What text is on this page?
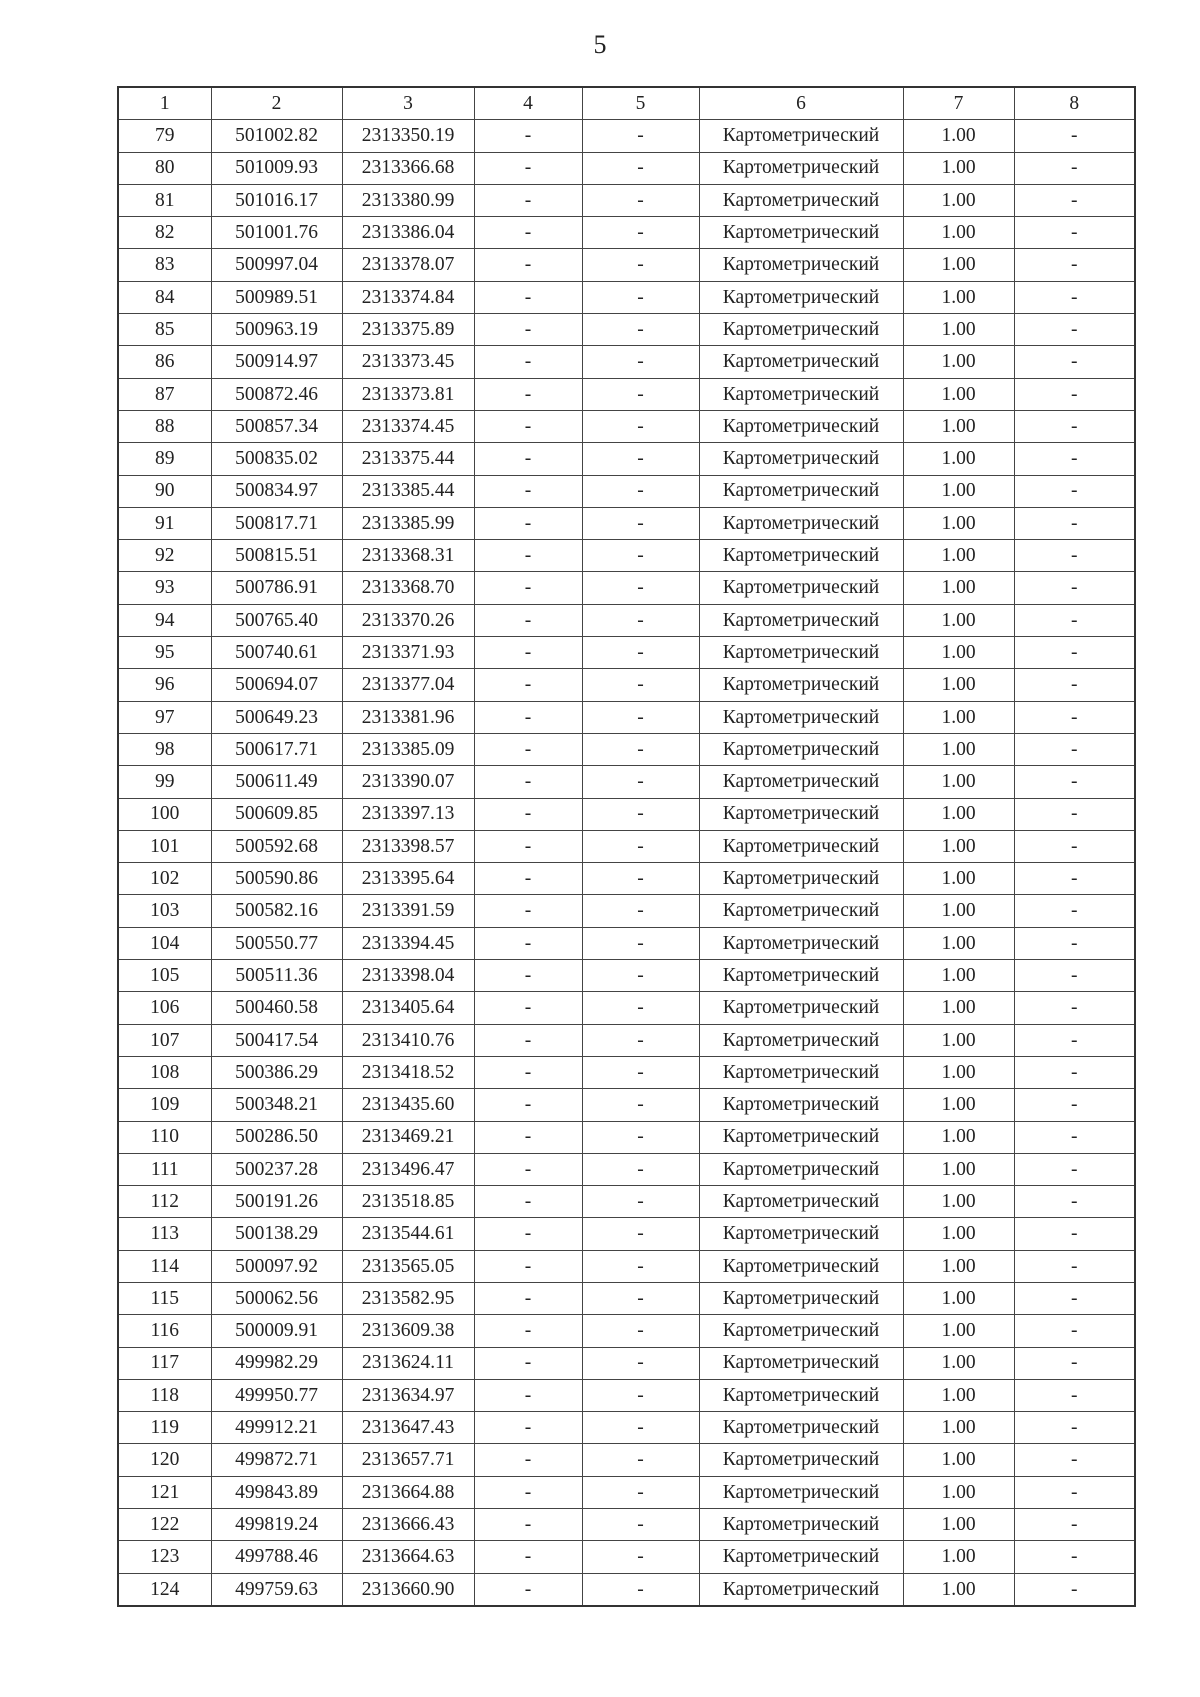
5
1	2	3	4	5	6	7	8
79	501002.82	2313350.19	-	-	Картометрический	1.00	-
80	501009.93	2313366.68	-	-	Картометрический	1.00	-
81	501016.17	2313380.99	-	-	Картометрический	1.00	-
82	501001.76	2313386.04	-	-	Картометрический	1.00	-
83	500997.04	2313378.07	-	-	Картометрический	1.00	-
84	500989.51	2313374.84	-	-	Картометрический	1.00	-
85	500963.19	2313375.89	-	-	Картометрический	1.00	-
86	500914.97	2313373.45	-	-	Картометрический	1.00	-
87	500872.46	2313373.81	-	-	Картометрический	1.00	-
88	500857.34	2313374.45	-	-	Картометрический	1.00	-
89	500835.02	2313375.44	-	-	Картометрический	1.00	-
90	500834.97	2313385.44	-	-	Картометрический	1.00	-
91	500817.71	2313385.99	-	-	Картометрический	1.00	-
92	500815.51	2313368.31	-	-	Картометрический	1.00	-
93	500786.91	2313368.70	-	-	Картометрический	1.00	-
94	500765.40	2313370.26	-	-	Картометрический	1.00	-
95	500740.61	2313371.93	-	-	Картометрический	1.00	-
96	500694.07	2313377.04	-	-	Картометрический	1.00	-
97	500649.23	2313381.96	-	-	Картометрический	1.00	-
98	500617.71	2313385.09	-	-	Картометрический	1.00	-
99	500611.49	2313390.07	-	-	Картометрический	1.00	-
100	500609.85	2313397.13	-	-	Картометрический	1.00	-
101	500592.68	2313398.57	-	-	Картометрический	1.00	-
102	500590.86	2313395.64	-	-	Картометрический	1.00	-
103	500582.16	2313391.59	-	-	Картометрический	1.00	-
104	500550.77	2313394.45	-	-	Картометрический	1.00	-
105	500511.36	2313398.04	-	-	Картометрический	1.00	-
106	500460.58	2313405.64	-	-	Картометрический	1.00	-
107	500417.54	2313410.76	-	-	Картометрический	1.00	-
108	500386.29	2313418.52	-	-	Картометрический	1.00	-
109	500348.21	2313435.60	-	-	Картометрический	1.00	-
110	500286.50	2313469.21	-	-	Картометрический	1.00	-
111	500237.28	2313496.47	-	-	Картометрический	1.00	-
112	500191.26	2313518.85	-	-	Картометрический	1.00	-
113	500138.29	2313544.61	-	-	Картометрический	1.00	-
114	500097.92	2313565.05	-	-	Картометрический	1.00	-
115	500062.56	2313582.95	-	-	Картометрический	1.00	-
116	500009.91	2313609.38	-	-	Картометрический	1.00	-
117	499982.29	2313624.11	-	-	Картометрический	1.00	-
118	499950.77	2313634.97	-	-	Картометрический	1.00	-
119	499912.21	2313647.43	-	-	Картометрический	1.00	-
120	499872.71	2313657.71	-	-	Картометрический	1.00	-
121	499843.89	2313664.88	-	-	Картометрический	1.00	-
122	499819.24	2313666.43	-	-	Картометрический	1.00	-
123	499788.46	2313664.63	-	-	Картометрический	1.00	-
124	499759.63	2313660.90	-	-	Картометрический	1.00	-
